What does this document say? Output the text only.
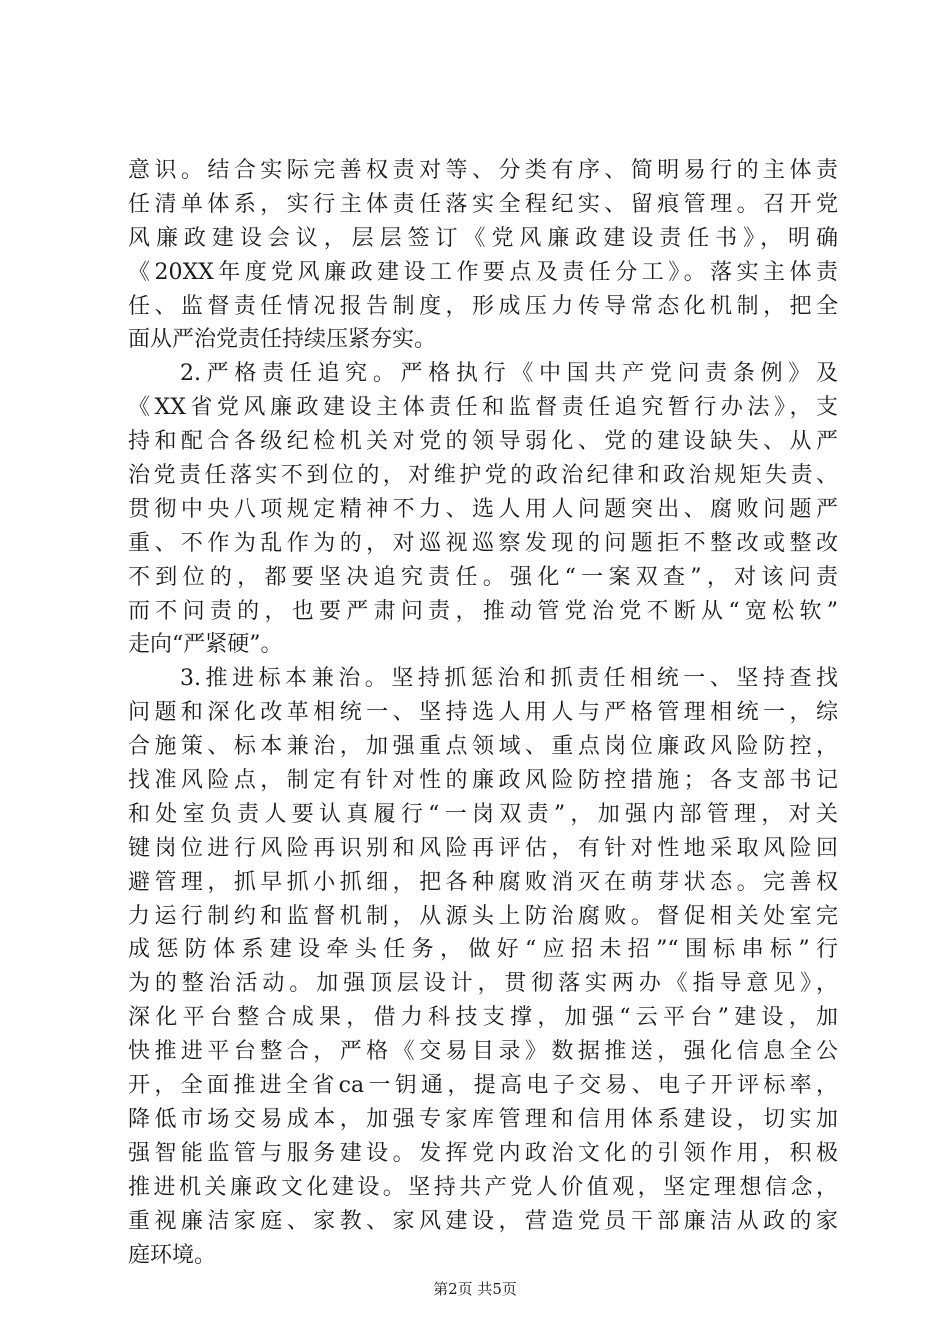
意识。结合实际完善权责对等、分类有序、简明易行的主体责
任清单体系，实行主体责任落实全程纪实、留痕管理。召开党
风廉政建设会议，层层签订《党风廉政建设责任书》，明确
《20XX年度党风廉政建设工作要点及责任分工》。落实主体责
任、监督责任情况报告制度，形成压力传导常态化机制，把全
面从严治党责任持续压紧夯实。
2.严格责任追究。严格执行《中国共产党问责条例》及
《XX省党风廉政建设主体责任和监督责任追究暂行办法》，支
持和配合各级纪检机关对党的领导弱化、党的建设缺失、从严
治党责任落实不到位的，对维护党的政治纪律和政治规矩失责、
贯彻中央八项规定精神不力、选人用人问题突出、腐败问题严
重、不作为乱作为的，对巡视巡察发现的问题拒不整改或整改
不到位的，都要坚决追究责任。强化“一案双查”，对该问责
而不问责的，也要严肃问责，推动管党治党不断从“宽松软”
走向“严紧硬”。
3.推进标本兼治。坚持抓惩治和抓责任相统一、坚持查找
问题和深化改革相统一、坚持选人用人与严格管理相统一，综
合施策、标本兼治，加强重点领域、重点岗位廉政风险防控，
找准风险点，制定有针对性的廉政风险防控措施；各支部书记
和处室负责人要认真履行“一岗双责”，加强内部管理，对关
键岗位进行风险再识别和风险再评估，有针对性地采取风险回
避管理，抓早抓小抓细，把各种腐败消灭在萌芽状态。完善权
力运行制约和监督机制，从源头上防治腐败。督促相关处室完
成惩防体系建设牵头任务，做好“应招未招”“围标串标”行
为的整治活动。加强顶层设计，贯彻落实两办《指导意见》，
深化平台整合成果，借力科技支撑，加强“云平台”建设，加
快推进平台整合，严格《交易目录》数据推送，强化信息全公
开，全面推进全省ca一钥通，提高电子交易、电子开评标率，
降低市场交易成本，加强专家库管理和信用体系建设，切实加
强智能监管与服务建设。发挥党内政治文化的引领作用，积极
推进机关廉政文化建设。坚持共产党人价值观，坚定理想信念，
重视廉洁家庭、家教、家风建设，营造党员干部廉洁从政的家
庭环境。
第2页 共5页
